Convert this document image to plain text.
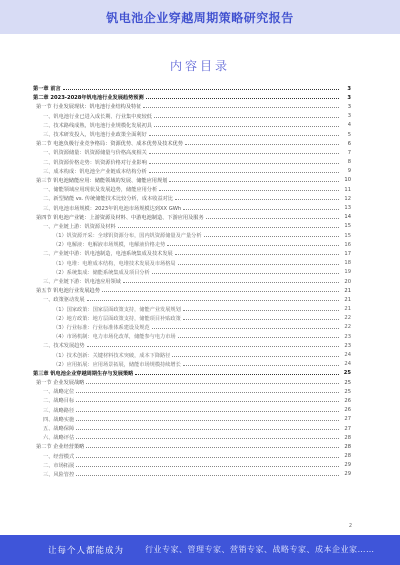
钒电池企业穿越周期策略研究报告
内容目录
第一章 前言	3
第二章 2023-2028年钒电池行业发展趋势预测	3
第一节 行业发展现状：钒电池行业结构及特征	3
一、钒电池行业已进入成长期、行业集中度较低	3
二、技术路线成熟，钒电池行业规模化发展初具	4
三、技术研发投入，钒电池行业政策全面利好	5
第二节 电池负极行业竞争格局：资源优势、成本优势及技术优势	6
一、钒资源储量：钒资源储量与价格高度相关	7
二、钒资源价格走势：钒资源价格对行业影响	8
三、成本构成：钒电池全产业链成本结构分析	9
第三节 钒电池储能应用：储能领域的发展、储能应用规划	10
一、储能领域应用现状及发展趋势，储能应用分析	11
二、新型储能 vs. 传统储能技术比较分析，成本收益对比	12
三、钒电池市场规模：2023年钒电池市场规模达到XX GWh	13
第四节 钒电池产业链：上游资源及材料、中游电池制造、下游应用及服务	14
一、产业链上游：钒资源及材料	15
（1）钒资源开采：全球钒资源分布，国内钒资源储量及产量分析	15
（2）电解液：电解液市场规模，电解液价格走势	16
二、产业链中游：钒电池制造，电池系统集成及技术发展	17
（1）电堆：电堆成本结构，电堆技术发展及市场格局	18
（2）系统集成：储能系统集成及项目分析	19
三、产业链下游：钒电池应用领域	20
第五节 钒电池行业发展趋势	21
一、政策驱动发展	21
（1）国家政策：国家层面政策支持，储能产业发展规划	21
（2）地方政策：地方层面政策支持，储能项目补贴政策	22
（3）行业标准：行业标准体系建设及规范	22
（4）市场机制：电力市场化改革，储能参与电力市场	23
二、技术发展趋势	23
（1）技术创新：关键材料技术突破，成本下降路径	24
（2）应用拓展：应用场景拓展，储能市场规模持续增长	24
第三章 钒电池企业穿越周期生存与发展策略	25
第一节 企业发展战略	25
一、战略定位	25
二、战略目标	26
三、战略路径	26
四、战略实施	27
五、战略保障	27
六、战略评估	28
第二节 企业经营策略	28
一、经营模式	28
二、市场拓展	29
三、风险管控	29
2
让每个人都能成为	行业专家、管理专家、营销专家、战略专家、成本企业家……
